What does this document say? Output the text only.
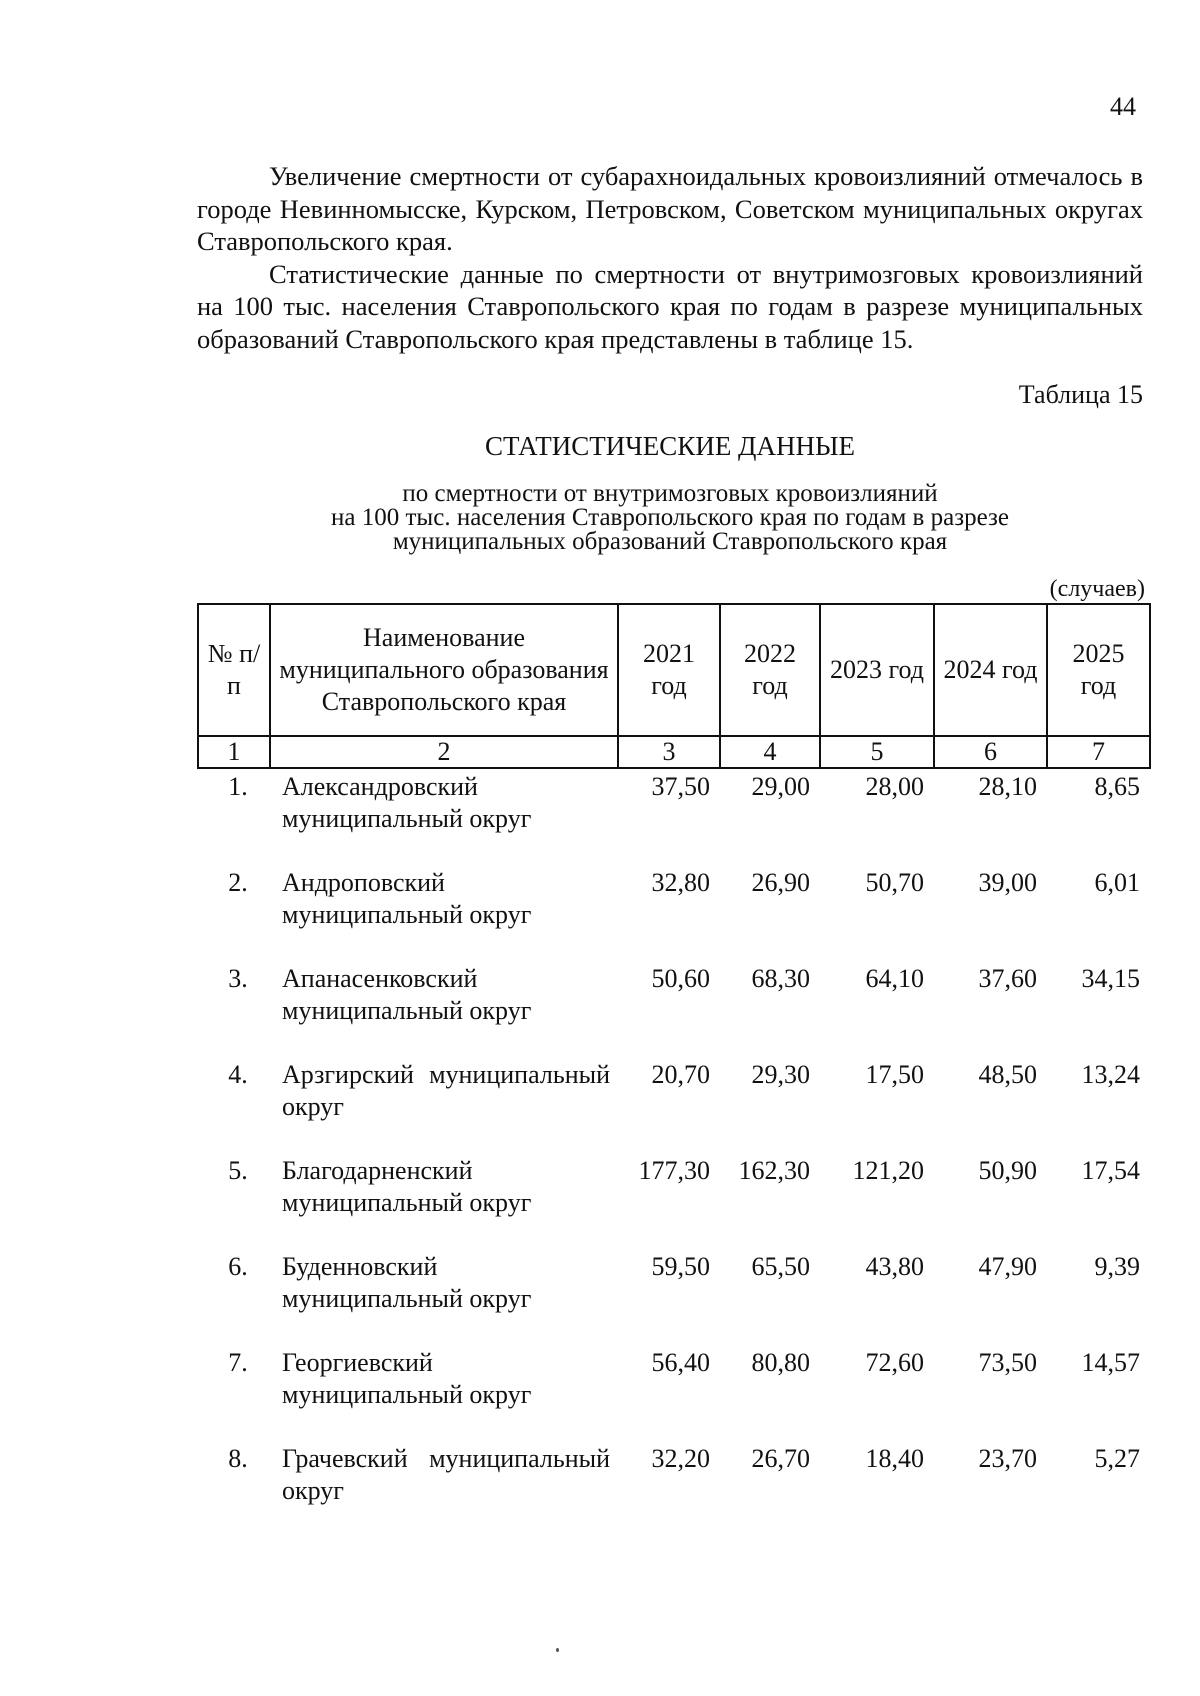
44

Увеличение смертности от субарахноидальных кровоизлияний отмечалось в городе Невинномысске, Курском, Петровском, Советском муниципальных округах Ставропольского края.

Статистические данные по смертности от внутримозговых кровоизлияний на 100 тыс. населения Ставропольского края по годам в разрезе муниципальных образований Ставропольского края представлены в таблице 15.

Таблица 15
СТАТИСТИЧЕСКИЕ ДАННЫЕ
по смертности от внутримозговых кровоизлияний
на 100 тыс. населения Ставропольского края по годам в разрезе
муниципальных образований Ставропольского края
(случаев)
№ п/п	Наименование муниципального образования Ставропольского края	2021 год	2022 год	2023 год	2024 год	2025 год
1	2	3	4	5	6	7
1.	Александровский муниципальный округ	37,50	29,00	28,00	28,10	8,65
2.	Андроповский муниципальный округ	32,80	26,90	50,70	39,00	6,01
3.	Апанасенковский муниципальный округ	50,60	68,30	64,10	37,60	34,15
4.	Арзгирский муниципальный округ	20,70	29,30	17,50	48,50	13,24
5.	Благодарненский муниципальный округ	177,30	162,30	121,20	50,90	17,54
6.	Буденновский муниципальный округ	59,50	65,50	43,80	47,90	9,39
7.	Георгиевский муниципальный округ	56,40	80,80	72,60	73,50	14,57
8.	Грачевский муниципальный округ	32,20	26,70	18,40	23,70	5,27
